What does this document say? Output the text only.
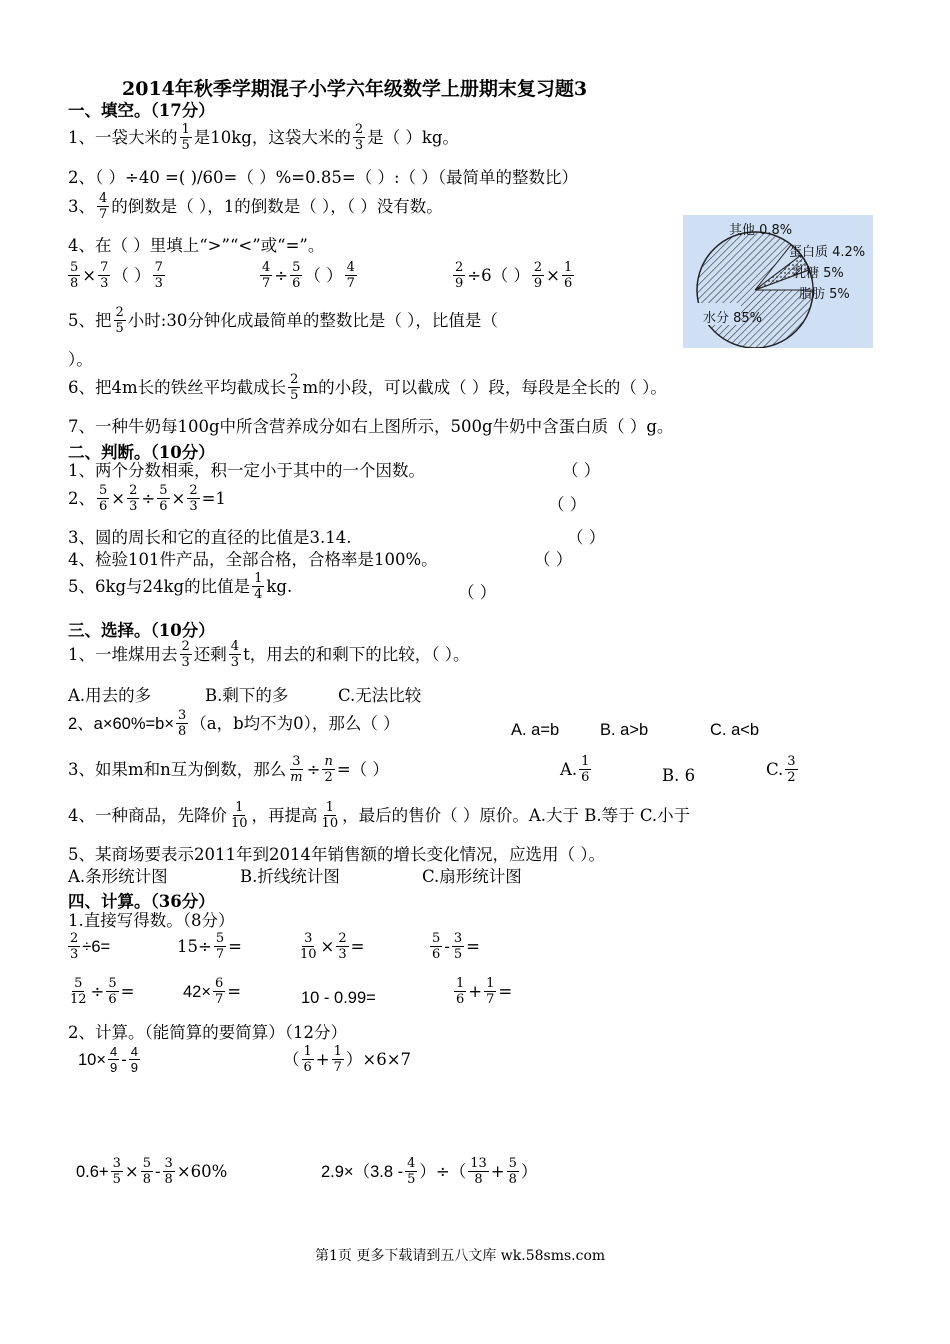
2014年秋季学期混子小学六年级数学上册期末复习题3
一、填空。（17分）
1、一袋大米的 $\frac{1}{5}$ 是10kg，这袋大米的 $\frac{2}{3}$ 是（ ）kg。
2、（ ）÷40 =( )/60=（ ）%=0.85=（ ）:（ ）（最简单的整数比）
3、 $\frac{4}{7}$ 的倒数是（ ），1的倒数是（ ），（ ）没有数。
4、在（ ）里填上“>”“<”或“=”。
$\frac{5}{8} \times \frac{7}{3}$ （ ） $\frac{7}{3}$	$\frac{4}{7} \div \frac{5}{6}$ （ ） $\frac{4}{7}$	$\frac{2}{9} \div 6$（ ） $\frac{2}{9} \times \frac{1}{6}$
5、把 $\frac{2}{5}$ 小时:30分钟化成最简单的整数比是（ ），比值是（
）。
6、把4m长的铁丝平均截成长 $\frac{2}{5}$ m的小段，可以截成（ ）段，每段是全长的（ ）。
7、一种牛奶每100g中所含营养成分如右上图所示，500g牛奶中含蛋白质（ ）g。
其他 0.8%
蛋白质 4.2%
乳糖 5%
脂肪 5%
水分 85%
二、判断。（10分）
1、两个分数相乘，积一定小于其中的一个因数。	（ ）
2、 $\frac{5}{6} \times \frac{2}{3} \div \frac{5}{6} \times \frac{2}{3} =1$	（ ）
3、圆的周长和它的直径的比值是3.14.	（ ）
4、检验101件产品，全部合格，合格率是100%。	（ ）
5、6kg与24kg的比值是 $\frac{1}{4}$ kg.	（ ）
三、选择。（10分）
1、一堆煤用去 $\frac{2}{3}$ 还剩 $\frac{4}{3}$ t，用去的和剩下的比较，（ ）。
A.用去的多	B.剩下的多	C.无法比较
2、$a\times 60\%=b\times \frac{3}{8} (a$，b均不为0），那么（ ）	A. a=b B. a>b	C. a<b
3、如果m和n互为倒数，那么 $\frac{3}{m} \div \frac{n}{2}$ =（ ）	A. $\frac{1}{6}$	B. 6	C. $\frac{3}{2}$
4、一种商品，先降价 $\frac{1}{10}$ ，再提高 $\frac{1}{10}$ ，最后的售价（ ）原价。A.大于 B.等于 C.小于
5、某商场要表示2011年到2014年销售额的增长变化情况，应选用（ ）。
A.条形统计图	B.折线统计图	C.扇形统计图
四、计算。（36分）
1.直接写得数。（8分）
$\frac{2}{3} \div 6=$	$15\div \frac{5}{7}$ =	$\frac{3}{10} \times \frac{2}{3}$ =	$\frac{5}{6} - \frac{3}{5}$ =
$\frac{5}{12} \div \frac{5}{6}$ =	$42\times \frac{6}{7}$ =	10 - 0.99=	$\frac{1}{6} + \frac{1}{7}$ =
2、计算。（能简算的要简算）（12分）
$10\times \frac{4}{9} - \frac{4}{9}$	（ $\frac{1}{6} + \frac{1}{7} )\times 6\times 7$
$0.6+ \frac{3}{5} \times \frac{5}{8} - \frac{3}{8} \times 60\%$	$2.9\times(3.8 - \frac{4}{5}$ ）÷（ $\frac{13}{8} + \frac{5}{8}$ ）
第1页 更多下载请到五八文库 wk.58sms.com
